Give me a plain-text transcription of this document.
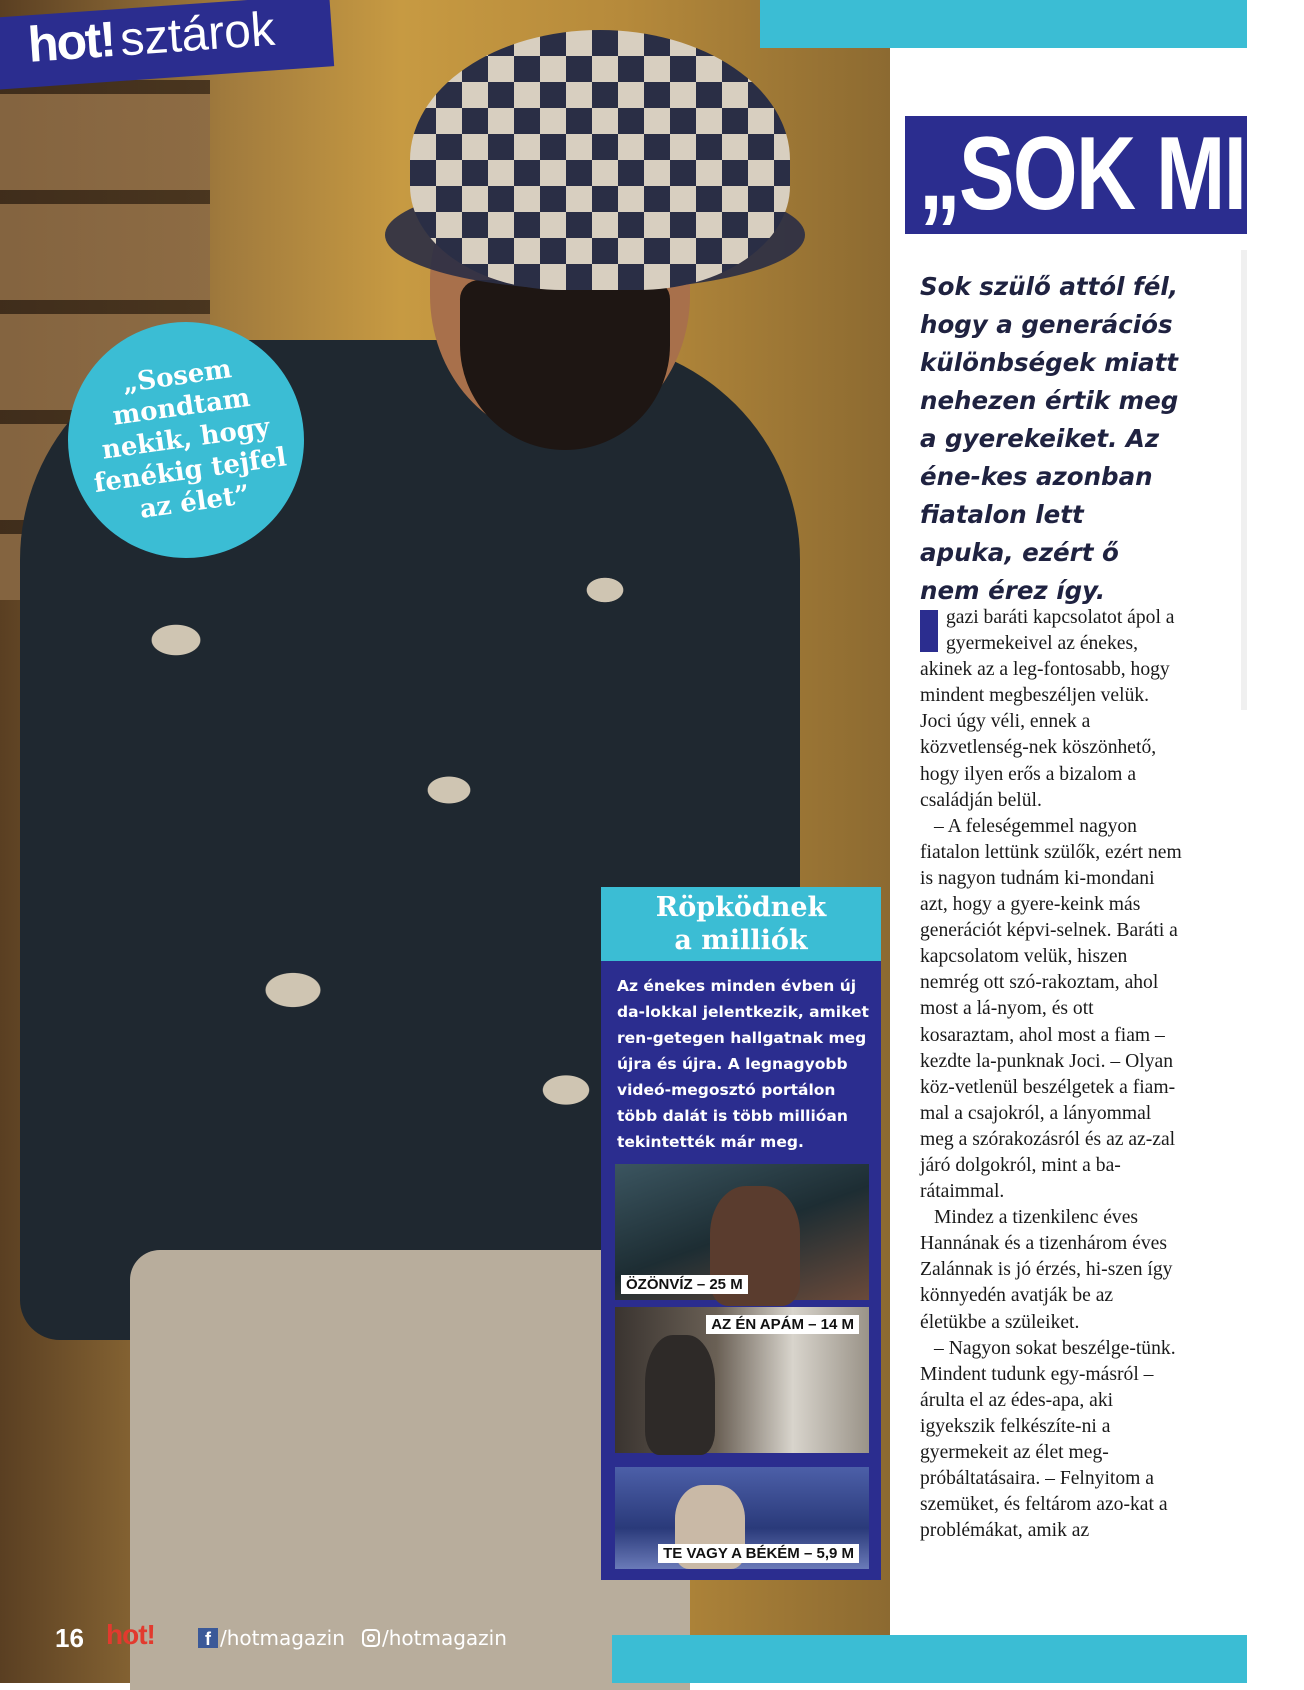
hot!sztárok
„Sosem mondtam nekik, hogy fenékig tejfel az élet”
„SOK MIN
Sok szülő attól fél, hogy a generációs különbségek miatt nehezen értik meg a gyerekeiket. Az éne-kes azonban fiatalon lett apuka, ezért ő nem érez így.

gazi baráti kapcsolatot ápol a gyermekeivel az énekes, akinek az a leg-fontosabb, hogy mindent megbeszéljen velük. Joci úgy véli, ennek a közvetlenség-nek köszönhető, hogy ilyen erős a bizalom a családján belül.

– A feleségemmel nagyon fiatalon lettünk szülők, ezért nem is nagyon tudnám ki-mondani azt, hogy a gyere-keink más generációt képvi-selnek. Baráti a kapcsolatom velük, hiszen nemrég ott szó-rakoztam, ahol most a lá-nyom, és ott kosaraztam, ahol most a fiam – kezdte la-punknak Joci. – Olyan köz-vetlenül beszélgetek a fiam-mal a csajokról, a lányommal meg a szórakozásról és az az-zal járó dolgokról, mint a ba-rátaimmal.

Mindez a tizenkilenc éves Hannának és a tizenhárom éves Zalánnak is jó érzés, hi-szen így könnyedén avatják be az életükbe a szüleiket.

– Nagyon sokat beszélge-tünk. Mindent tudunk egy-másról – árulta el az édes-apa, aki igyekszik felkészíte-ni a gyermekeit az élet meg-próbáltatásaira. – Felnyitom a szemüket, és feltárom azo-kat a problémákat, amik az

Röpködnek
a milliók
Az énekes minden évben új da-lokkal jelentkezik, amiket ren-getegen hallgatnak meg újra és újra. A legnagyobb videó-megosztó portálon több dalát is több millióan tekintették már meg.
ÖZÖNVÍZ – 25 M
AZ ÉN APÁM – 14 M
TE VAGY A BÉKÉM – 5,9 M
16 hot!	f /hotmagazin /hotmagazin
